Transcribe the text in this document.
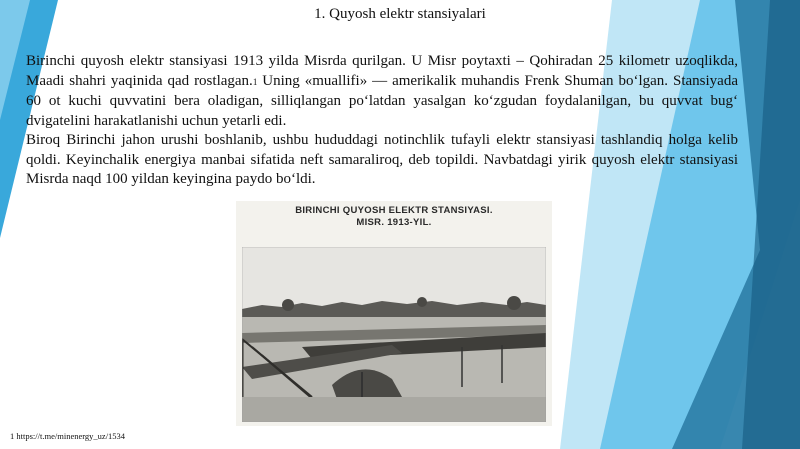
1. Quyosh elektr stansiyalari

Birinchi quyosh elektr stansiyasi 1913 yilda Misrda qurilgan. U Misr poytaxti – Qohiradan 25 kilometr uzoqlikda, Maadi shahri yaqinida qad rostlagan.1 Uning «muallifi» — amerikalik muhandis Frenk Shuman bo‘lgan. Stansiyada 60 ot kuchi quvvatini bera oladigan, silliqlangan po‘latdan yasalgan ko‘zgudan foydalanilgan, bu quvvat bug‘ dvigatelini harakatlanishi uchun yetarli edi.

Biroq Birinchi jahon urushi boshlanib, ushbu hududdagi notinchlik tufayli elektr stansiyasi tashlandiq holga kelib qoldi. Keyinchalik energiya manbai sifatida neft samaraliroq, deb topildi. Navbatdagi yirik quyosh elektr stansiyasi Misrda naqd 100 yildan keyingina paydo bo‘ldi.

BIRINCHI QUYOSH ELEKTR STANSIYASI.
MISR. 1913-YIL.
1 https://t.me/minenergy_uz/1534
